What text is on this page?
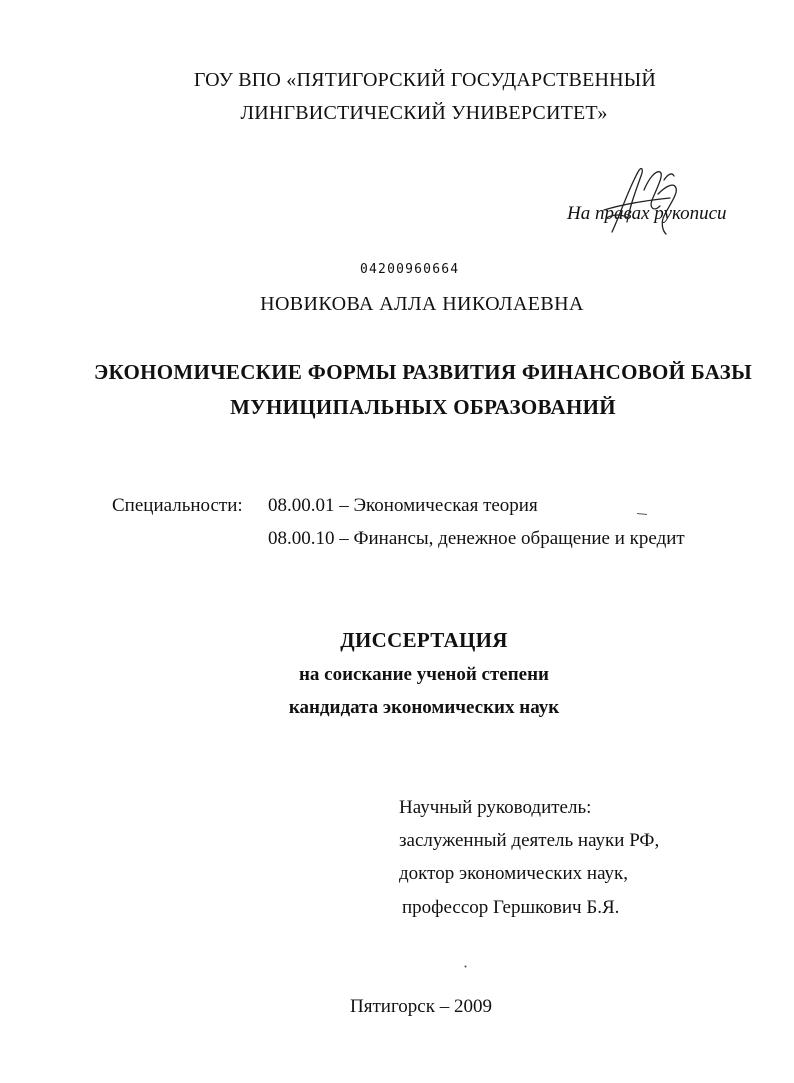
ГОУ ВПО «ПЯТИГОРСКИЙ ГОСУДАРСТВЕННЫЙ
ЛИНГВИСТИЧЕСКИЙ УНИВЕРСИТЕТ»
На правах рукописи
04200960664
НОВИКОВА АЛЛА НИКОЛАЕВНА
ЭКОНОМИЧЕСКИЕ ФОРМЫ РАЗВИТИЯ ФИНАНСОВОЙ БАЗЫ
МУНИЦИПАЛЬНЫХ ОБРАЗОВАНИЙ
Специальности: 08.00.01 – Экономическая теория
08.00.10 – Финансы, денежное обращение и кредит
ДИССЕРТАЦИЯ
на соискание ученой степени
кандидата экономических наук
Научный руководитель:
заслуженный деятель науки РФ,
доктор экономических наук,
профессор Гершкович Б.Я.
Пятигорск – 2009
